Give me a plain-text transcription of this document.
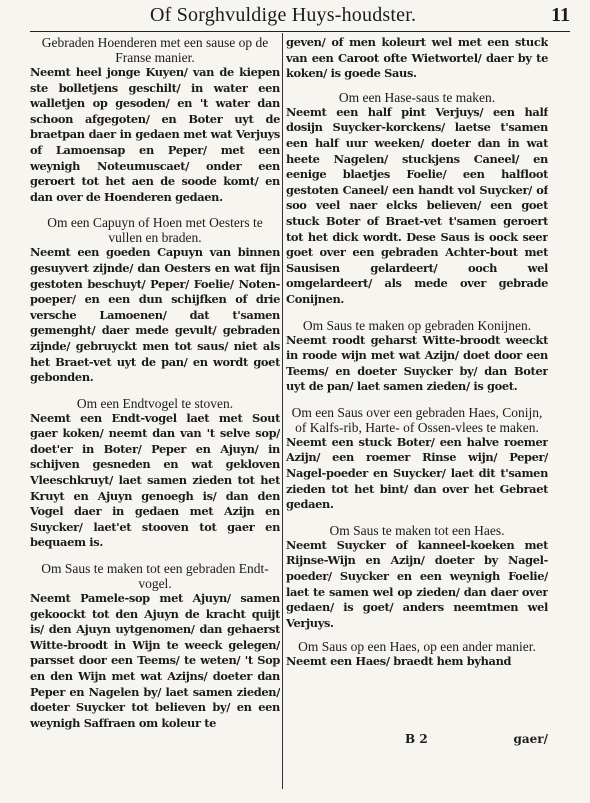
Of Sorghvuldige Huys-houdster.	11

Gebraden Hoenderen met een sause op de Franse manier.

Neemt heel jonge Kuyen/ van de kiepen ste bolletjens geschilt/ in water een walletjen op gesoden/ en 't water dan schoon afgegoten/ en Boter uyt de braetpan daer in gedaen met wat Verjuys of Lamoensap en Peper/ met een weynigh Noteumuscaet/ onder een geroert tot het aen de soode komt/ en dan over de Hoenderen gedaen.

Om een Capuyn of Hoen met Oesters te vullen en braden.

Neemt een goeden Capuyn van binnen gesuyvert zijnde/ dan Oesters en wat fijn gestoten beschuyt/ Peper/ Foelie/ Noten-poeper/ en een dun schijfken of drie versche Lamoenen/ dat t'samen gemenght/ daer mede gevult/ gebraden zijnde/ gebruyckt men tot saus/ niet als het Braet-vet uyt de pan/ en wordt goet gebonden.

Om een Endtvogel te stoven.

Neemt een Endt-vogel laet met Sout gaer koken/ neemt dan van 't selve sop/ doet'er in Boter/ Peper en Ajuyn/ in schijven gesneden en wat gekloven Vleeschkruyt/ laet samen zieden tot het Kruyt en Ajuyn genoegh is/ dan den Vogel daer in gedaen met Azijn en Suycker/ laet'et stooven tot gaer en bequaem is.

Om Saus te maken tot een gebraden Endt-vogel.

Neemt Pamele-sop met Ajuyn/ samen gekoockt tot den Ajuyn de kracht quijt is/ den Ajuyn uytgenomen/ dan gehaerst Witte-broodt in Wijn te weeck gelegen/ parsset door een Teems/ te weten/ 't Sop en den Wijn met wat Azijns/ doeter dan Peper en Nagelen by/ laet samen zieden/ doeter Suycker tot believen by/ en een weynigh Saffraen om koleur te

geven/ of men koleurt wel met een stuck van een Caroot ofte Wietwortel/ daer by te koken/ is goede Saus.

Om een Hase-saus te maken.

Neemt een half pint Verjuys/ een half dosijn Suycker-korckens/ laetse t'samen een half uur weeken/ doeter dan in wat heete Nagelen/ stuckjens Caneel/ en eenige blaetjes Foelie/ een halfloot gestoten Caneel/ een handt vol Suycker/ of soo veel naer elcks believen/ een goet stuck Boter of Braet-vet t'samen geroert tot het dick wordt. Dese Saus is oock seer goet over een gebraden Achter-bout met Sausisen gelardeert/ ooch wel omgelardeert/ als mede over gebrade Conijnen.

Om Saus te maken op gebraden Konijnen.

Neemt roodt geharst Witte-broodt weeckt in roode wijn met wat Azijn/ doet door een Teems/ en doeter Suycker by/ dan Boter uyt de pan/ laet samen zieden/ is goet.

Om een Saus over een gebraden Haes, Conijn, of Kalfs-rib, Harte- of Ossen-vlees te maken.

Neemt een stuck Boter/ een halve roemer Azijn/ een roemer Rinse wijn/ Peper/ Nagel-poeder en Suycker/ laet dit t'samen zieden tot het bint/ dan over het Gebraet gedaen.

Om Saus te maken tot een Haes.

Neemt Suycker of kanneel-koeken met Rijnse-Wijn en Azijn/ doeter by Nagel-poeder/ Suycker en een weynigh Foelie/ laet te samen wel op zieden/ dan daer over gedaen/ is goet/ anders neemtmen wel Verjuys.

Om Saus op een Haes, op een ander manier.

Neemt een Haes/ braedt hem byhand

B 2	gaer/
